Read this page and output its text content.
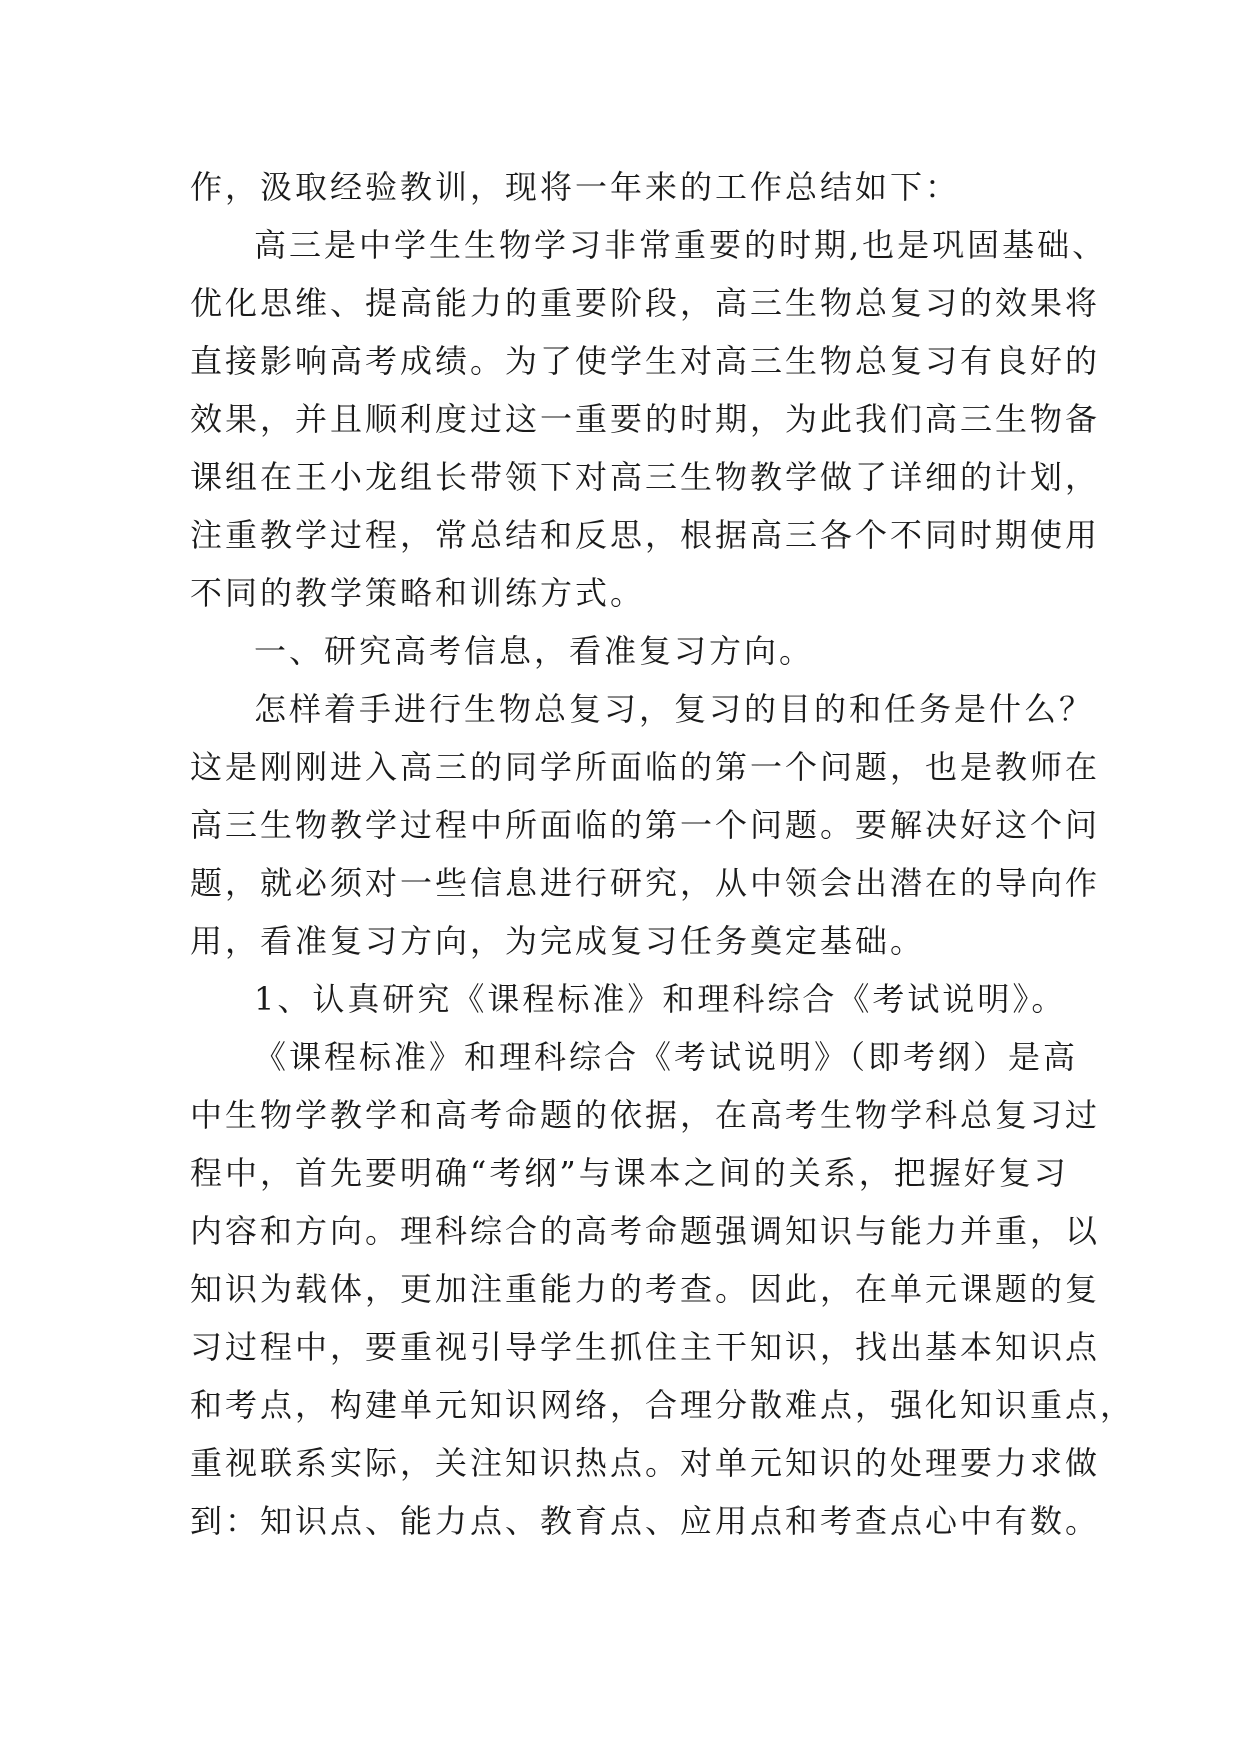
作，汲取经验教训，现将一年来的工作总结如下：
高三是中学生生物学习非常重要的时期,也是巩固基础、
优化思维、提高能力的重要阶段，高三生物总复习的效果将
直接影响高考成绩。为了使学生对高三生物总复习有良好的
效果，并且顺利度过这一重要的时期，为此我们高三生物备
课组在王小龙组长带领下对高三生物教学做了详细的计划，
注重教学过程，常总结和反思，根据高三各个不同时期使用
不同的教学策略和训练方式。
一、研究高考信息，看准复习方向。
怎样着手进行生物总复习，复习的目的和任务是什么？
这是刚刚进入高三的同学所面临的第一个问题，也是教师在
高三生物教学过程中所面临的第一个问题。要解决好这个问
题，就必须对一些信息进行研究，从中领会出潜在的导向作
用，看准复习方向，为完成复习任务奠定基础。
1、认真研究《课程标准》和理科综合《考试说明》。
《课程标准》和理科综合《考试说明》（即考纲）是高
中生物学教学和高考命题的依据，在高考生物学科总复习过
程中，首先要明确“考纲”与课本之间的关系，把握好复习
内容和方向。理科综合的高考命题强调知识与能力并重，以
知识为载体，更加注重能力的考查。因此，在单元课题的复
习过程中，要重视引导学生抓住主干知识，找出基本知识点
和考点，构建单元知识网络，合理分散难点，强化知识重点，
重视联系实际，关注知识热点。对单元知识的处理要力求做
到：知识点、能力点、教育点、应用点和考查点心中有数。
